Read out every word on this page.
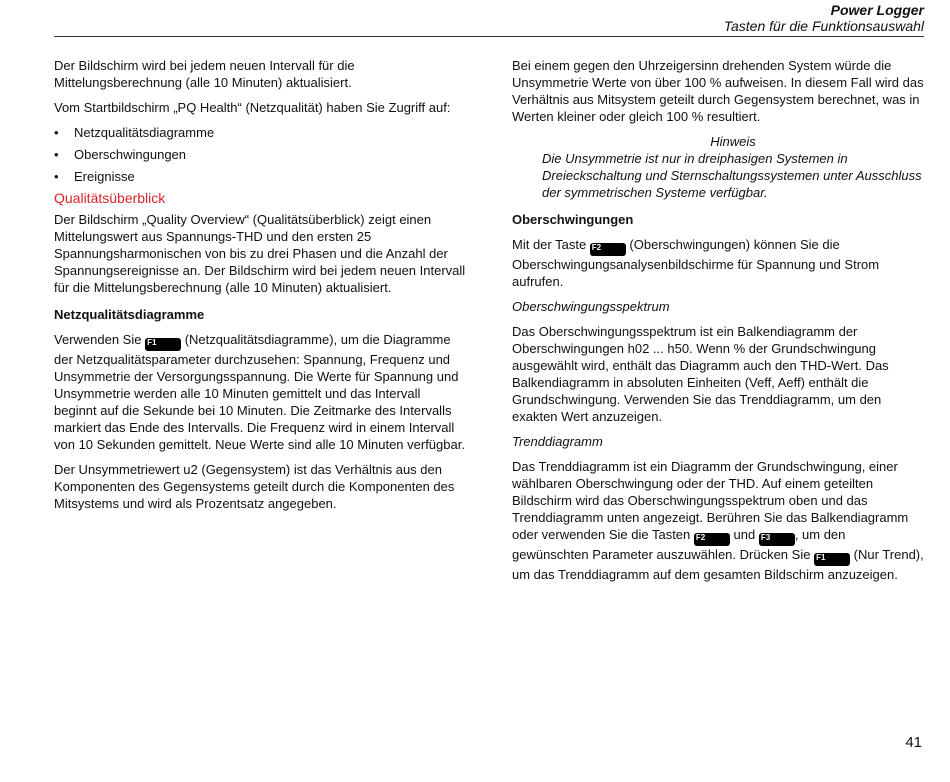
Power Logger
Tasten für die Funktionsauswahl

Der Bildschirm wird bei jedem neuen Intervall für die Mittelungsberechnung (alle 10 Minuten) aktualisiert.

Vom Startbildschirm „PQ Health“ (Netzqualität) haben Sie Zugriff auf:

• Netzqualitätsdiagramme
• Oberschwingungen
• Ereignisse
Qualitätsüberblick

Der Bildschirm „Quality Overview“ (Qualitätsüberblick) zeigt einen Mittelungswert aus Spannungs-THD und den ersten 25 Spannungsharmonischen von bis zu drei Phasen und die Anzahl der Spannungsereignisse an. Der Bildschirm wird bei jedem neuen Intervall für die Mittelungsberechnung (alle 10 Minuten) aktualisiert.

Netzqualitätsdiagramme

Verwenden Sie F1 (Netzqualitätsdiagramme), um die Diagramme der Netzqualitätsparameter durchzusehen: Spannung, Frequenz und Unsymmetrie der Versorgungsspannung. Die Werte für Spannung und Unsymmetrie werden alle 10 Minuten gemittelt und das Intervall beginnt auf die Sekunde bei 10 Minuten. Die Zeitmarke des Intervalls markiert das Ende des Intervalls. Die Frequenz wird in einem Intervall von 10 Sekunden gemittelt. Neue Werte sind alle 10 Minuten verfügbar.

Der Unsymmetriewert u2 (Gegensystem) ist das Verhältnis aus den Komponenten des Gegensystems geteilt durch die Komponenten des Mitsystems und wird als Prozentsatz angegeben.

Bei einem gegen den Uhrzeigersinn drehenden System würde die Unsymmetrie Werte von über 100 % aufweisen. In diesem Fall wird das Verhältnis aus Mitsystem geteilt durch Gegensystem berechnet, was in Werten kleiner oder gleich 100 % resultiert.

Hinweis
Die Unsymmetrie ist nur in dreiphasigen Systemen in Dreieckschaltung und Sternschaltungssystemen unter Ausschluss der symmetrischen Systeme verfügbar.
Oberschwingungen

Mit der Taste F2 (Oberschwingungen) können Sie die Oberschwingungsanalysenbildschirme für Spannung und Strom aufrufen.

Oberschwingungsspektrum

Das Oberschwingungsspektrum ist ein Balkendiagramm der Oberschwingungen h02 ... h50. Wenn % der Grundschwingung ausgewählt wird, enthält das Diagramm auch den THD-Wert. Das Balkendiagramm in absoluten Einheiten (Veff, Aeff) enthält die Grundschwingung. Verwenden Sie das Trenddiagramm, um den exakten Wert anzuzeigen.

Trenddiagramm

Das Trenddiagramm ist ein Diagramm der Grundschwingung, einer wählbaren Oberschwingung oder der THD. Auf einem geteilten Bildschirm wird das Oberschwingungsspektrum oben und das Trenddiagramm unten angezeigt. Berühren Sie das Balkendiagramm oder verwenden Sie die Tasten F2 und F3 , um den gewünschten Parameter auszuwählen. Drücken Sie F1 (Nur Trend), um das Trenddiagramm auf dem gesamten Bildschirm anzuzeigen.

41
